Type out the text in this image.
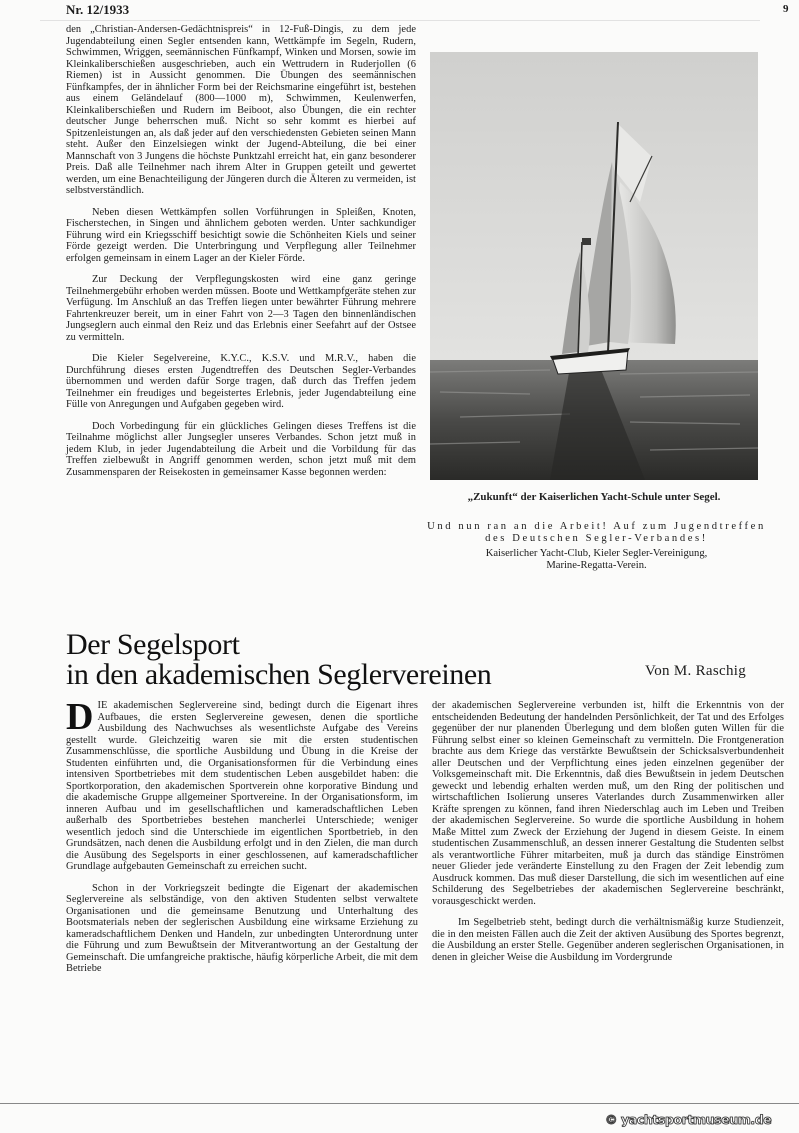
Nr. 12/1933	9

den „Christian-Andersen-Gedächtnispreis“ in 12-Fuß-Dingis, zu dem jede Jugendabteilung einen Segler entsenden kann, Wettkämpfe im Segeln, Rudern, Schwimmen, Wriggen, seemännischen Fünfkampf, Winken und Morsen, sowie im Kleinkaliberschießen ausgeschrieben, auch ein Wettrudern in Ruderjollen (6 Riemen) ist in Aussicht genommen. Die Übungen des seemännischen Fünfkampfes, der in ähnlicher Form bei der Reichsmarine eingeführt ist, bestehen aus einem Geländelauf (800—1000 m), Schwimmen, Keulenwerfen, Kleinkaliberschießen und Rudern im Beiboot, also Übungen, die ein rechter deutscher Junge beherrschen muß. Nicht so sehr kommt es hierbei auf Spitzenleistungen an, als daß jeder auf den verschiedensten Gebieten seinen Mann steht. Außer den Einzelsiegen winkt der Jugend-Abteilung, die bei einer Mannschaft von 3 Jungens die höchste Punktzahl erreicht hat, ein ganz besonderer Preis. Daß alle Teilnehmer nach ihrem Alter in Gruppen geteilt und gewertet werden, um eine Benachteiligung der Jüngeren durch die Älteren zu vermeiden, ist selbstverständlich.

Neben diesen Wettkämpfen sollen Vorführungen in Spleißen, Knoten, Fischerstechen, in Singen und ähnlichem geboten werden. Unter sachkundiger Führung wird ein Kriegsschiff besichtigt sowie die Schönheiten Kiels und seiner Förde gezeigt werden. Die Unterbringung und Verpflegung aller Teilnehmer erfolgen gemeinsam in einem Lager an der Kieler Förde.

Zur Deckung der Verpflegungskosten wird eine ganz geringe Teilnehmergebühr erhoben werden müssen. Boote und Wettkampfgeräte stehen zur Verfügung. Im Anschluß an das Treffen liegen unter bewährter Führung mehrere Fahrtenkreuzer bereit, um in einer Fahrt von 2—3 Tagen den binnenländischen Jungseglern auch einmal den Reiz und das Erlebnis einer Seefahrt auf der Ostsee zu vermitteln.

Die Kieler Segelvereine, K.Y.C., K.S.V. und M.R.V., haben die Durchführung dieses ersten Jugendtreffen des Deutschen Segler-Verbandes übernommen und werden dafür Sorge tragen, daß durch das Treffen jedem Teilnehmer ein freudiges und begeistertes Erlebnis, jeder Jugendabteilung eine Fülle von Anregungen und Aufgaben gegeben wird.

Doch Vorbedingung für ein glückliches Gelingen dieses Treffens ist die Teilnahme möglichst aller Jungsegler unseres Verbandes. Schon jetzt muß in jedem Klub, in jeder Jugendabteilung die Arbeit und die Vorbildung für das Treffen zielbewußt in Angriff genommen werden, schon jetzt muß mit dem Zusammensparen der Reisekosten in gemeinsamer Kasse begonnen werden:

„Zukunft“ der Kaiserlichen Yacht-Schule unter Segel.
Und nun ran an die Arbeit! Auf zum Jugendtreffen des Deutschen Segler-Verbandes!
Kaiserlicher Yacht-Club, Kieler Segler-Vereinigung,
Marine-Regatta-Verein.
Der Segelsport
in den akademischen Seglervereinen	Von M. Raschig

DIE akademischen Seglervereine sind, bedingt durch die Eigenart ihres Aufbaues, die ersten Seglervereine gewesen, denen die sportliche Ausbildung des Nachwuchses als wesentlichste Aufgabe des Vereins gestellt wurde. Gleichzeitig waren sie mit die ersten studentischen Zusammenschlüsse, die sportliche Ausbildung und Übung in die Kreise der Studenten einführten und, die Organisationsformen für die Verbindung eines intensiven Sportbetriebes mit dem studentischen Leben ausgebildet haben: die Sportkorporation, den akademischen Sportverein ohne korporative Bindung und die akademische Gruppe allgemeiner Sportvereine. In der Organisationsform, im inneren Aufbau und im gesellschaftlichen und kameradschaftlichen Leben außerhalb des Sportbetriebes bestehen mancherlei Unterschiede; weniger wesentlich jedoch sind die Unterschiede im eigentlichen Sportbetrieb, in den Grundsätzen, nach denen die Ausbildung erfolgt und in den Zielen, die man durch die Ausübung des Segelsports in einer geschlossenen, auf kameradschaftlicher Grundlage aufgebauten Gemeinschaft zu erreichen sucht.

Schon in der Vorkriegszeit bedingte die Eigenart der akademischen Seglervereine als selbständige, von den aktiven Studenten selbst verwaltete Organisationen und die gemeinsame Benutzung und Unterhaltung des Bootsmaterials neben der seglerischen Ausbildung eine wirksame Erziehung zu kameradschaftlichem Denken und Handeln, zur unbedingten Unterordnung unter die Führung und zum Bewußtsein der Mitverantwortung an der Gestaltung der Gemeinschaft. Die umfangreiche praktische, häufig körperliche Arbeit, die mit dem Betriebe

der akademischen Seglervereine verbunden ist, hilft die Erkenntnis von der entscheidenden Bedeutung der handelnden Persönlichkeit, der Tat und des Erfolges gegenüber der nur planenden Überlegung und dem bloßen guten Willen für die Führung selbst einer so kleinen Gemeinschaft zu vermitteln. Die Frontgeneration brachte aus dem Kriege das verstärkte Bewußtsein der Schicksalsverbundenheit aller Deutschen und der Verpflichtung eines jeden einzelnen gegenüber der Volksgemeinschaft mit. Die Erkenntnis, daß dies Bewußtsein in jedem Deutschen geweckt und lebendig erhalten werden muß, um den Ring der politischen und wirtschaftlichen Isolierung unseres Vaterlandes durch Zusammenwirken aller Kräfte sprengen zu können, fand ihren Niederschlag auch im Leben und Treiben der akademischen Seglervereine. So wurde die sportliche Ausbildung in hohem Maße Mittel zum Zweck der Erziehung der Jugend in diesem Geiste. In einem studentischen Zusammenschluß, an dessen innerer Gestaltung die Studenten selbst als verantwortliche Führer mitarbeiten, muß ja durch das ständige Einströmen neuer Glieder jede veränderte Einstellung zu den Fragen der Zeit lebendig zum Ausdruck kommen. Das muß dieser Darstellung, die sich im wesentlichen auf eine Schilderung des Segelbetriebes der akademischen Seglervereine beschränkt, vorausgeschickt werden.

Im Segelbetrieb steht, bedingt durch die verhältnismäßig kurze Studienzeit, die in den meisten Fällen auch die Zeit der aktiven Ausübung des Sportes begrenzt, die Ausbildung an erster Stelle. Gegenüber anderen seglerischen Organisationen, in denen in gleicher Weise die Ausbildung im Vordergrunde

© yachtsportmuseum.de
